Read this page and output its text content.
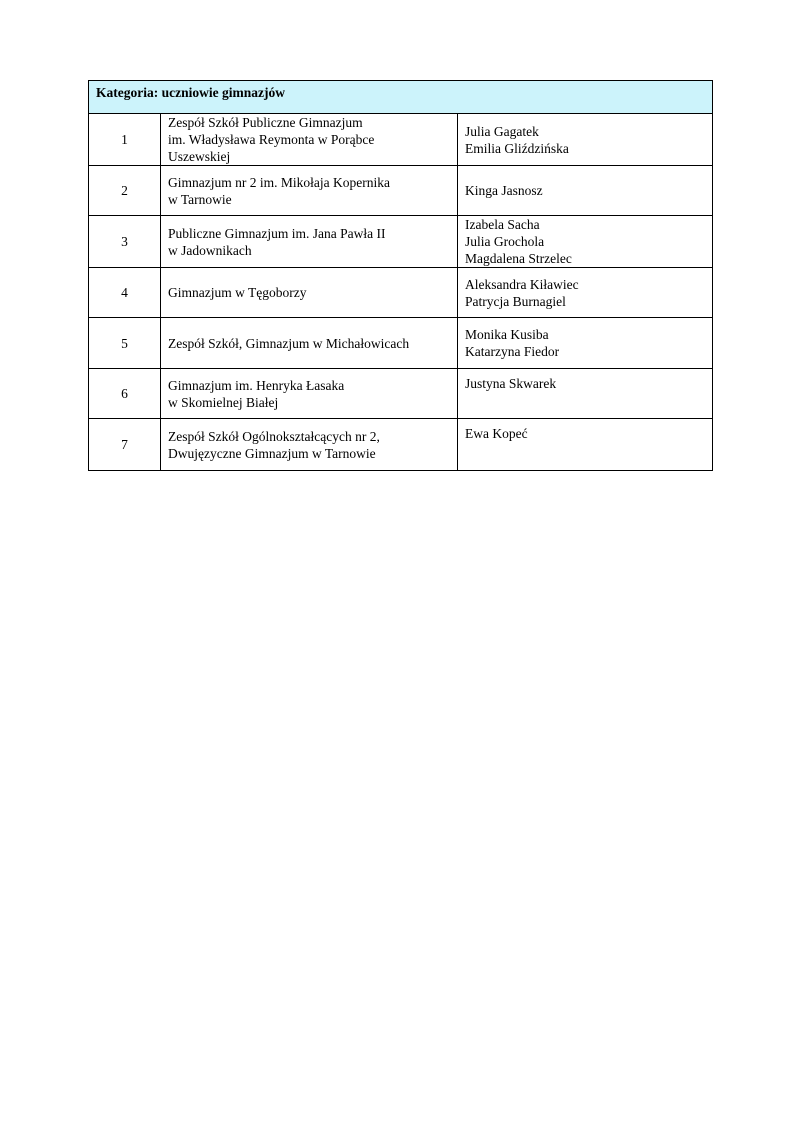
Kategoria: uczniowie gimnazjów		
1	Zespół Szkół Publiczne Gimnazjum
im. Władysława Reymonta w Porąbce
Uszewskiej	Julia Gagatek
Emilia Gliździńska

2	Gimnazjum nr 2 im. Mikołaja Kopernika
w Tarnowie	Kinga Jasnosz

3	Publiczne Gimnazjum im. Jana Pawła II
w Jadownikach	Izabela Sacha
Julia Grochola
Magdalena Strzelec

4	Gimnazjum w Tęgoborzy	Aleksandra Kiławiec
Patrycja Burnagiel

5	Zespół Szkół, Gimnazjum w Michałowicach	Monika Kusiba
Katarzyna Fiedor

6	Gimnazjum im. Henryka Łasaka
w Skomielnej Białej	Justyna Skwarek

7	Zespół Szkół Ogólnokształcących nr 2,
Dwujęzyczne Gimnazjum w Tarnowie	Ewa Kopeć
